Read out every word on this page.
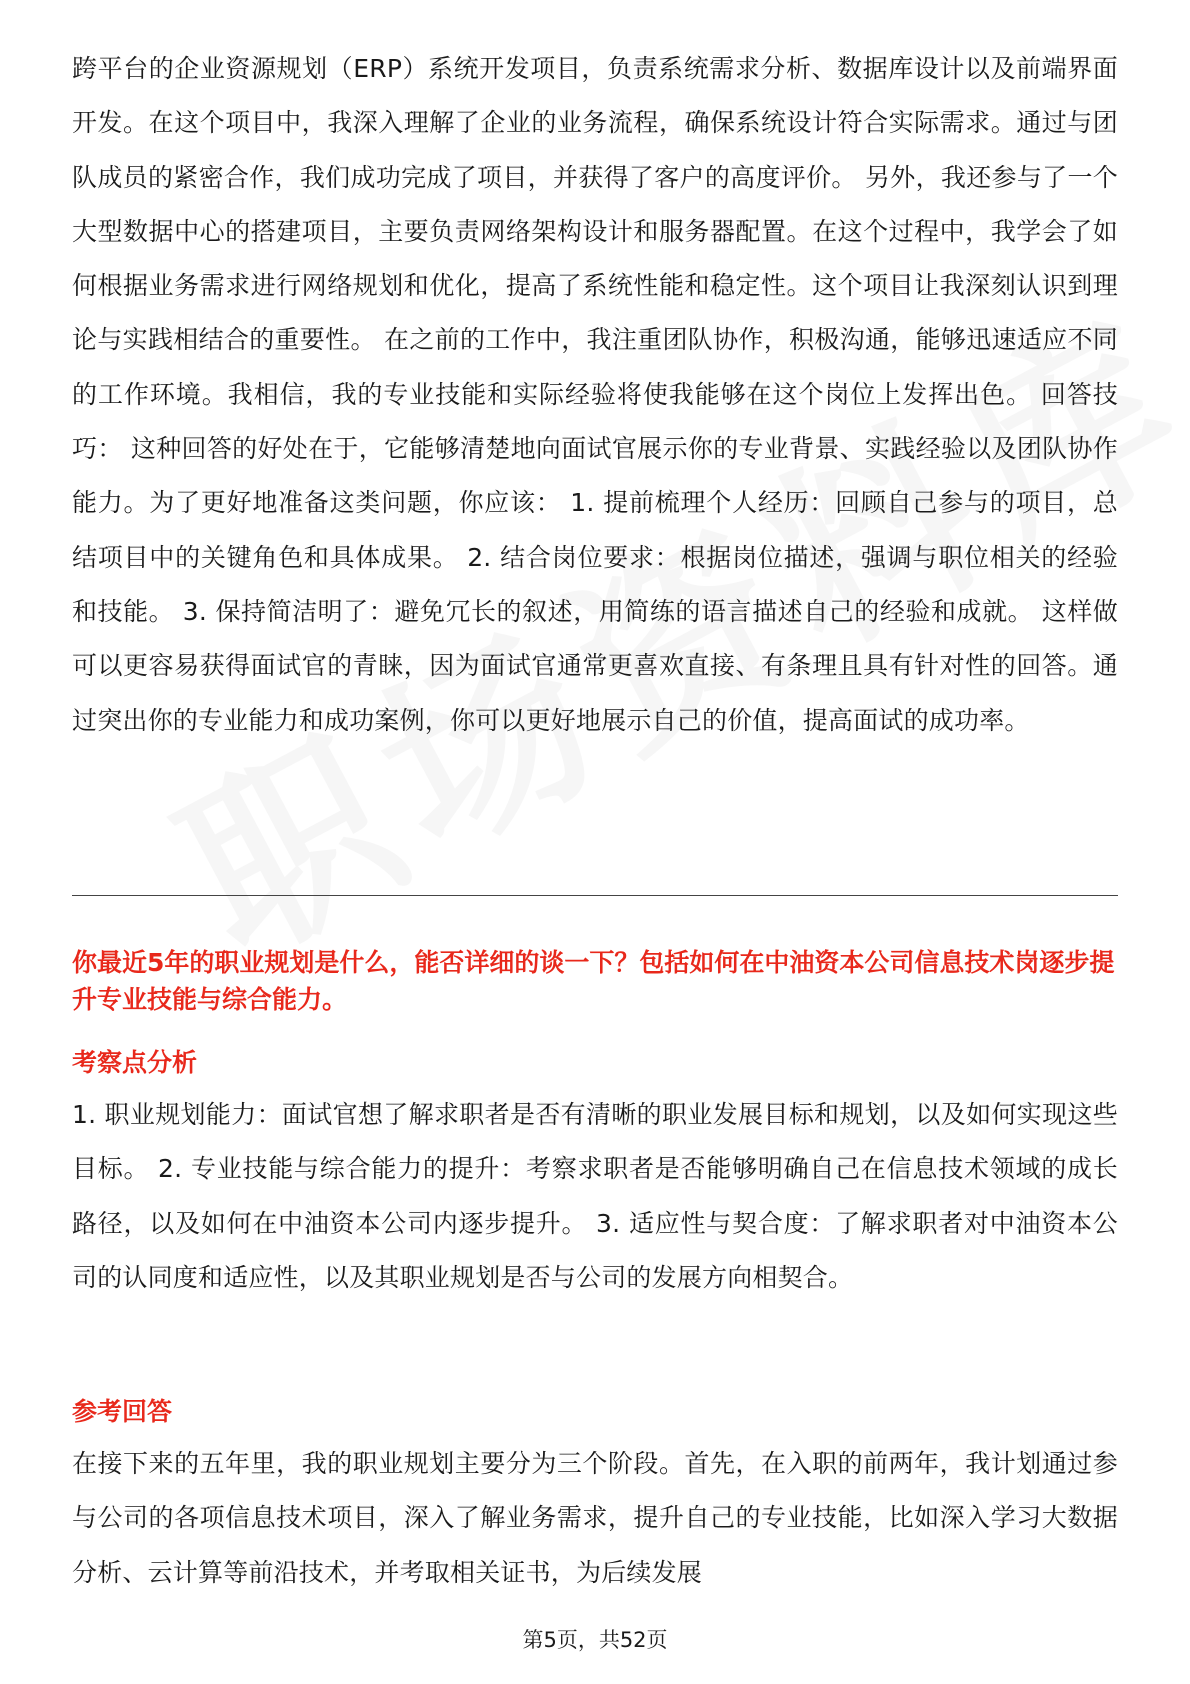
跨平台的企业资源规划（ERP）系统开发项目，负责系统需求分析、数据库设计以及前端界面开发。在这个项目中，我深入理解了企业的业务流程，确保系统设计符合实际需求。通过与团队成员的紧密合作，我们成功完成了项目，并获得了客户的高度评价。 另外，我还参与了一个大型数据中心的搭建项目，主要负责网络架构设计和服务器配置。在这个过程中，我学会了如何根据业务需求进行网络规划和优化，提高了系统性能和稳定性。这个项目让我深刻认识到理论与实践相结合的重要性。 在之前的工作中，我注重团队协作，积极沟通，能够迅速适应不同的工作环境。我相信，我的专业技能和实际经验将使我能够在这个岗位上发挥出色。 回答技巧： 这种回答的好处在于，它能够清楚地向面试官展示你的专业背景、实践经验以及团队协作能力。为了更好地准备这类问题，你应该： 1. 提前梳理个人经历：回顾自己参与的项目，总结项目中的关键角色和具体成果。 2. 结合岗位要求：根据岗位描述，强调与职位相关的经验和技能。 3. 保持简洁明了：避免冗长的叙述，用简练的语言描述自己的经验和成就。 这样做可以更容易获得面试官的青睐，因为面试官通常更喜欢直接、有条理且具有针对性的回答。通过突出你的专业能力和成功案例，你可以更好地展示自己的价值，提高面试的成功率。

你最近5年的职业规划是什么，能否详细的谈一下？包括如何在中油资本公司信息技术岗逐步提升专业技能与综合能力。

考察点分析

1. 职业规划能力：面试官想了解求职者是否有清晰的职业发展目标和规划，以及如何实现这些目标。 2. 专业技能与综合能力的提升：考察求职者是否能够明确自己在信息技术领域的成长路径，以及如何在中油资本公司内逐步提升。 3. 适应性与契合度：了解求职者对中油资本公司的认同度和适应性，以及其职业规划是否与公司的发展方向相契合。

参考回答

在接下来的五年里，我的职业规划主要分为三个阶段。首先，在入职的前两年，我计划通过参与公司的各项信息技术项目，深入了解业务需求，提升自己的专业技能，比如深入学习大数据分析、云计算等前沿技术，并考取相关证书，为后续发展

第5页，共52页
